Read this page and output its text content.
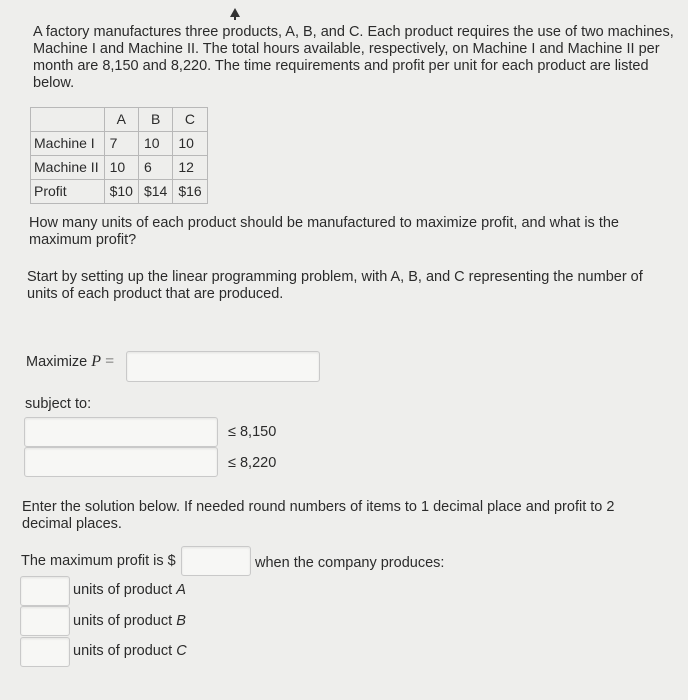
A factory manufactures three products, A, B, and C. Each product requires the use of two machines, Machine I and Machine II. The total hours available, respectively, on Machine I and Machine II per month are 8,150 and 8,220. The time requirements and profit per unit for each product are listed below.
	A	B	C
Machine I	7	10	10
Machine II	10	6	12
Profit	$10	$14	$16
How many units of each product should be manufactured to maximize profit, and what is the maximum profit?
Start by setting up the linear programming problem, with A, B, and C representing the number of units of each product that are produced.
Maximize P =
subject to:
≤ 8,150
≤ 8,220
Enter the solution below. If needed round numbers of items to 1 decimal place and profit to 2 decimal places.
The maximum profit is $	when the company produces:
units of product A
units of product B
units of product C
